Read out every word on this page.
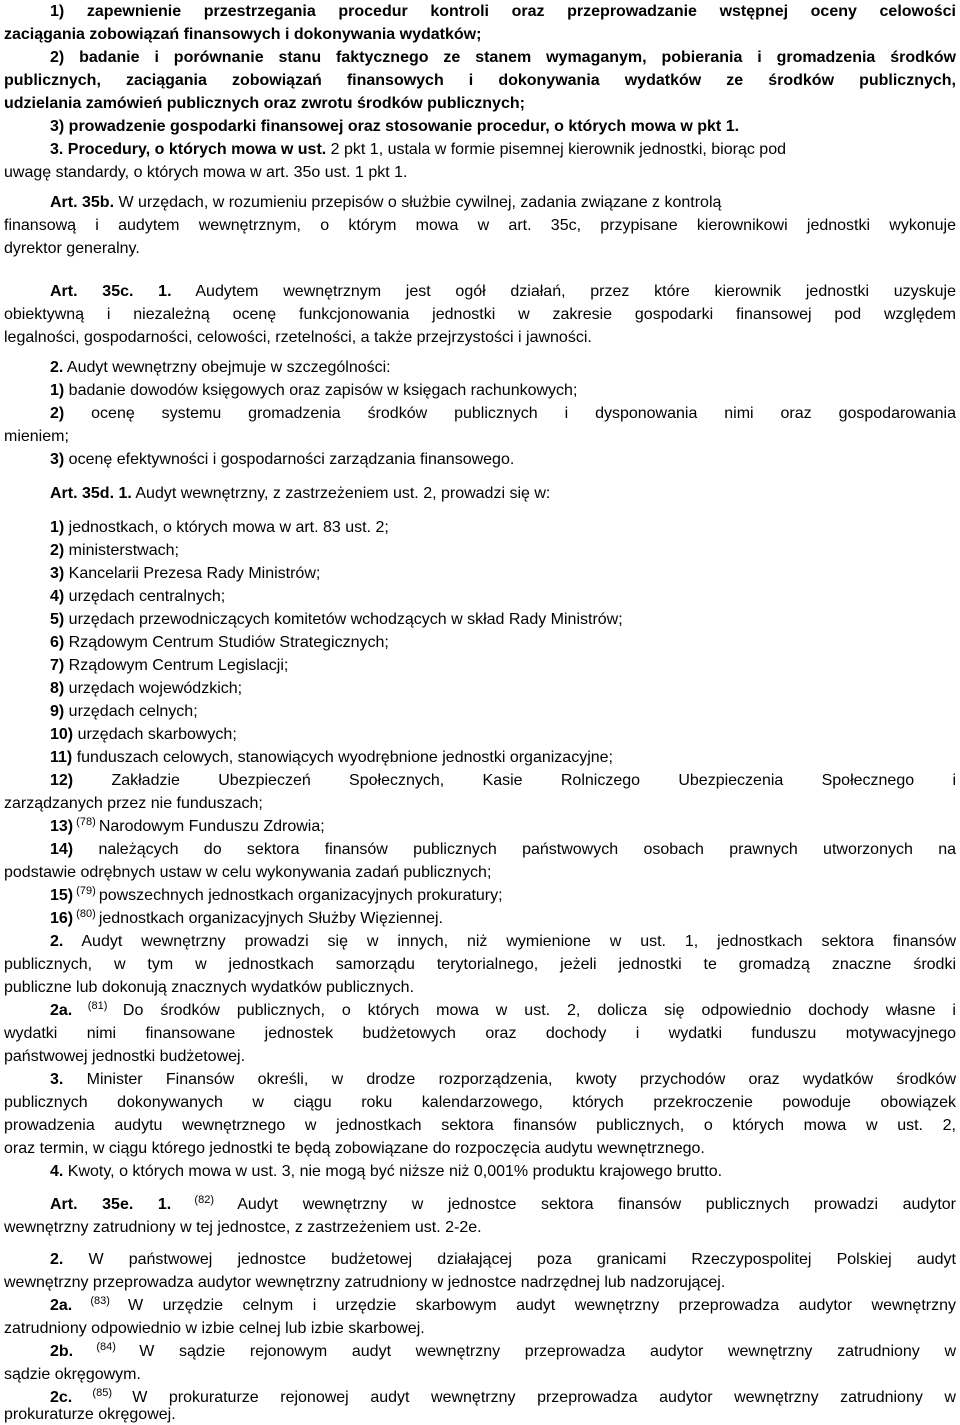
1) zapewnienie przestrzegania procedur kontroli oraz przeprowadzanie wstępnej oceny celowości
zaciągania zobowiązań finansowych i dokonywania wydatków;
2) badanie i porównanie stanu faktycznego ze stanem wymaganym, pobierania i gromadzenia środków
publicznych, zaciągania zobowiązań finansowych i dokonywania wydatków ze środków publicznych,
udzielania zamówień publicznych oraz zwrotu środków publicznych;
3) prowadzenie gospodarki finansowej oraz stosowanie procedur, o których mowa w pkt 1.
3. Procedury, o których mowa w ust. 2 pkt 1, ustala w formie pisemnej kierownik jednostki, biorąc pod
uwagę standardy, o których mowa w art. 35o ust. 1 pkt 1.
Art. 35b. W urzędach, w rozumieniu przepisów o służbie cywilnej, zadania związane z kontrolą
finansową i audytem wewnętrznym, o którym mowa w art. 35c, przypisane kierownikowi jednostki wykonuje
dyrektor generalny.
Art. 35c. 1. Audytem wewnętrznym jest ogół działań, przez które kierownik jednostki uzyskuje
obiektywną i niezależną ocenę funkcjonowania jednostki w zakresie gospodarki finansowej pod względem
legalności, gospodarności, celowości, rzetelności, a także przejrzystości i jawności.
2. Audyt wewnętrzny obejmuje w szczególności:
1) badanie dowodów księgowych oraz zapisów w księgach rachunkowych;
2) ocenę systemu gromadzenia środków publicznych i dysponowania nimi oraz gospodarowania
mieniem;
3) ocenę efektywności i gospodarności zarządzania finansowego.
Art. 35d. 1. Audyt wewnętrzny, z zastrzeżeniem ust. 2, prowadzi się w:
1) jednostkach, o których mowa w art. 83 ust. 2;
2) ministerstwach;
3) Kancelarii Prezesa Rady Ministrów;
4) urzędach centralnych;
5) urzędach przewodniczących komitetów wchodzących w skład Rady Ministrów;
6) Rządowym Centrum Studiów Strategicznych;
7) Rządowym Centrum Legislacji;
8) urzędach wojewódzkich;
9) urzędach celnych;
10) urzędach skarbowych;
11) funduszach celowych, stanowiących wyodrębnione jednostki organizacyjne;
12) Zakładzie Ubezpieczeń Społecznych, Kasie Rolniczego Ubezpieczenia Społecznego i
zarządzanych przez nie funduszach;
13) $^{(78)}$ Narodowym Funduszu Zdrowia;
14) należących do sektora finansów publicznych państwowych osobach prawnych utworzonych na
podstawie odrębnych ustaw w celu wykonywania zadań publicznych;
15) $^{(79)}$ powszechnych jednostkach organizacyjnych prokuratury;
16) $^{(80)}$ jednostkach organizacyjnych Służby Więziennej.
2. Audyt wewnętrzny prowadzi się w innych, niż wymienione w ust. 1, jednostkach sektora finansów
publicznych, w tym w jednostkach samorządu terytorialnego, jeżeli jednostki te gromadzą znaczne środki
publiczne lub dokonują znacznych wydatków publicznych.
2a. $^{(81)}$ Do środków publicznych, o których mowa w ust. 2, dolicza się odpowiednio dochody własne i
wydatki nimi finansowane jednostek budżetowych oraz dochody i wydatki funduszu motywacyjnego
państwowej jednostki budżetowej.
3. Minister Finansów określi, w drodze rozporządzenia, kwoty przychodów oraz wydatków środków
publicznych dokonywanych w ciągu roku kalendarzowego, których przekroczenie powoduje obowiązek
prowadzenia audytu wewnętrznego w jednostkach sektora finansów publicznych, o których mowa w ust. 2,
oraz termin, w ciągu którego jednostki te będą zobowiązane do rozpoczęcia audytu wewnętrznego.
4. Kwoty, o których mowa w ust. 3, nie mogą być niższe niż 0,001% produktu krajowego brutto.
Art. 35e. 1. $^{(82)}$ Audyt wewnętrzny w jednostce sektora finansów publicznych prowadzi audytor
wewnętrzny zatrudniony w tej jednostce, z zastrzeżeniem ust. 2-2e.
2. W państwowej jednostce budżetowej działającej poza granicami Rzeczypospolitej Polskiej audyt
wewnętrzny przeprowadza audytor wewnętrzny zatrudniony w jednostce nadrzędnej lub nadzorującej.
2a. $^{(83)}$ W urzędzie celnym i urzędzie skarbowym audyt wewnętrzny przeprowadza audytor wewnętrzny
zatrudniony odpowiednio w izbie celnej lub izbie skarbowej.
2b. $^{(84)}$ W sądzie rejonowym audyt wewnętrzny przeprowadza audytor wewnętrzny zatrudniony w
sądzie okręgowym.
2c. $^{(85)}$ W prokuraturze rejonowej audyt wewnętrzny przeprowadza audytor wewnętrzny zatrudniony w
prokuraturze okręgowej.
